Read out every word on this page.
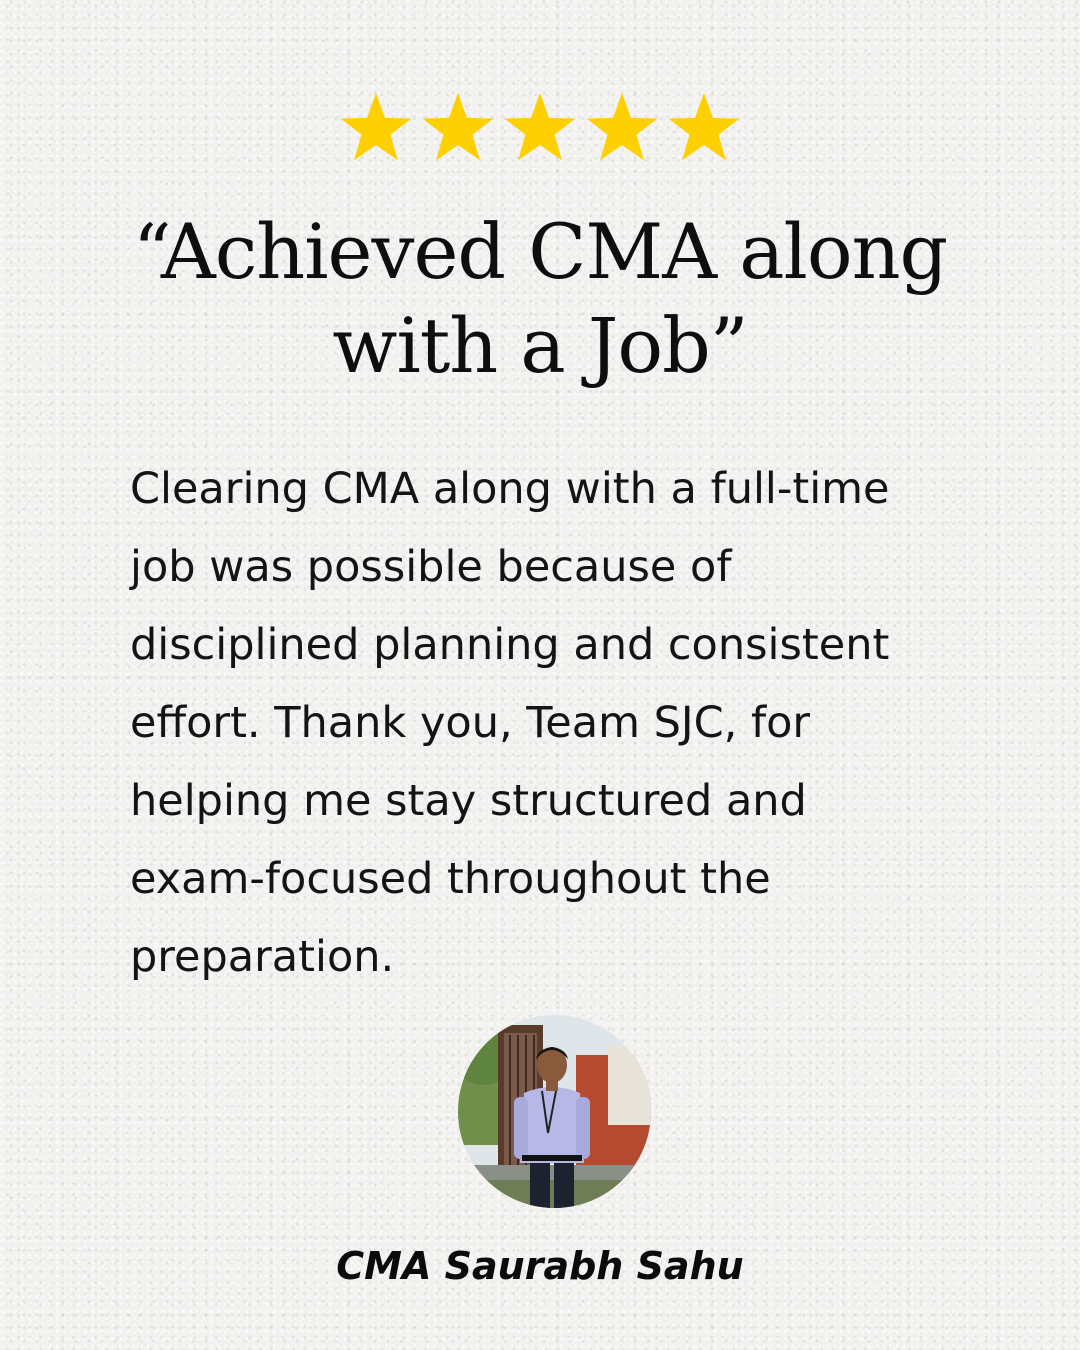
“Achieved CMA along
with a Job”

Clearing CMA along with a full-time
job was possible because of
disciplined planning and consistent
effort. Thank you, Team SJC, for
helping me stay structured and
exam-focused throughout the
preparation.

CMA Saurabh Sahu
